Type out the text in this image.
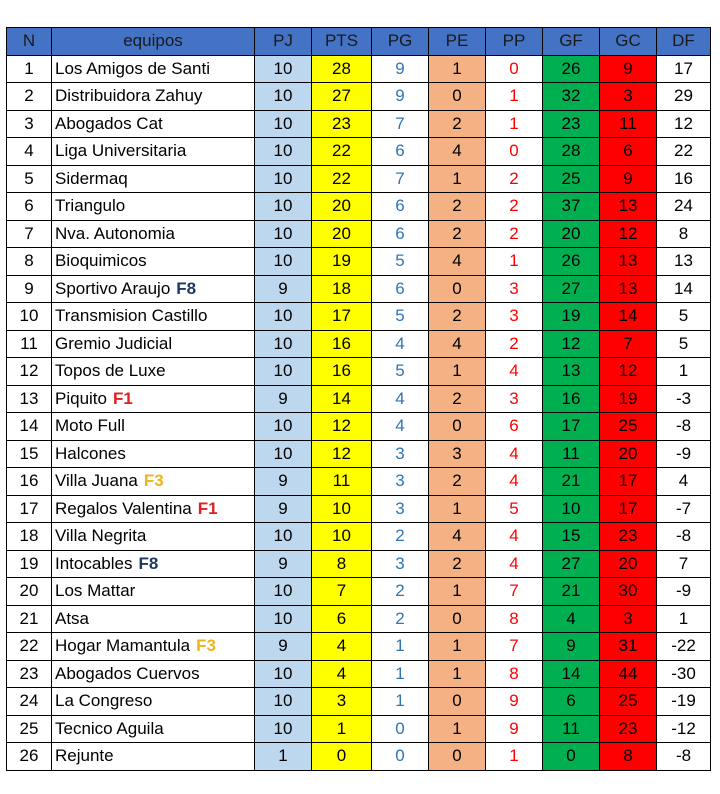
N	equipos	PJ	PTS	PG	PE	PP	GF	GC	DF
1	Los Amigos de Santi	10	28	9	1	0	26	9	17
2	Distribuidora Zahuy	10	27	9	0	1	32	3	29
3	Abogados Cat	10	23	7	2	1	23	11	12
4	Liga Universitaria	10	22	6	4	0	28	6	22
5	Sidermaq	10	22	7	1	2	25	9	16
6	Triangulo	10	20	6	2	2	37	13	24
7	Nva. Autonomia	10	20	6	2	2	20	12	8
8	Bioquimicos	10	19	5	4	1	26	13	13
9	Sportivo Araujo F8	9	18	6	0	3	27	13	14
10	Transmision Castillo	10	17	5	2	3	19	14	5
11	Gremio Judicial	10	16	4	4	2	12	7	5
12	Topos de Luxe	10	16	5	1	4	13	12	1
13	Piquito F1	9	14	4	2	3	16	19	-3
14	Moto Full	10	12	4	0	6	17	25	-8
15	Halcones	10	12	3	3	4	11	20	-9
16	Villa Juana F3	9	11	3	2	4	21	17	4
17	Regalos Valentina F1	9	10	3	1	5	10	17	-7
18	Villa Negrita	10	10	2	4	4	15	23	-8
19	Intocables F8	9	8	3	2	4	27	20	7
20	Los Mattar	10	7	2	1	7	21	30	-9
21	Atsa	10	6	2	0	8	4	3	1
22	Hogar Mamantula F3	9	4	1	1	7	9	31	-22
23	Abogados Cuervos	10	4	1	1	8	14	44	-30
24	La Congreso	10	3	1	0	9	6	25	-19
25	Tecnico Aguila	10	1	0	1	9	11	23	-12
26	Rejunte	1	0	0	0	1	0	8	-8
